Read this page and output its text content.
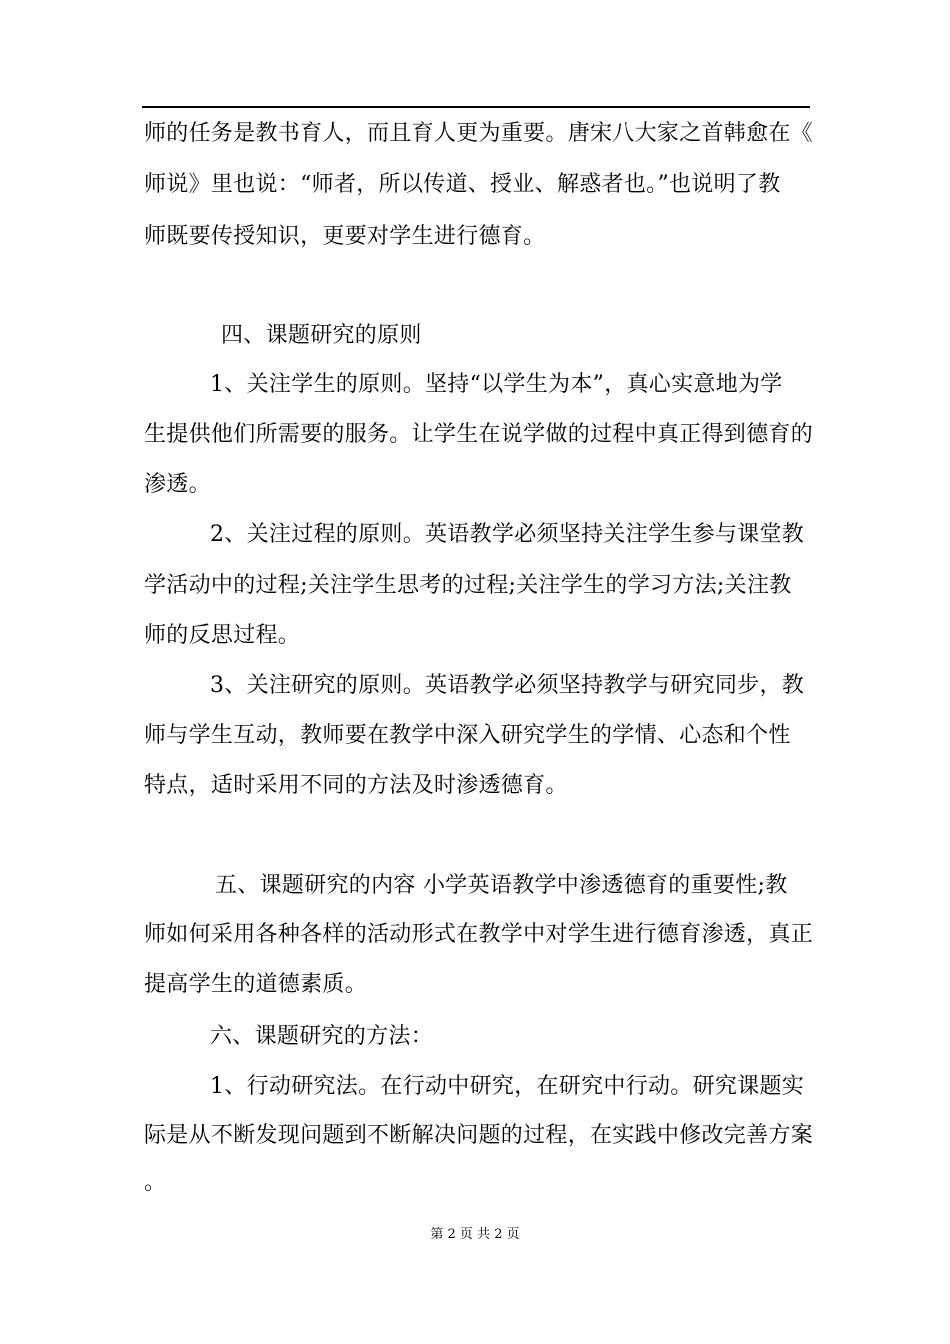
师的任务是教书育人，而且育人更为重要。唐宋八大家之首韩愈在《
师说》里也说：“师者，所以传道、授业、解惑者也。”也说明了教
师既要传授知识，更要对学生进行德育。
四、课题研究的原则
1、关注学生的原则。坚持“以学生为本”，真心实意地为学
生提供他们所需要的服务。让学生在说学做的过程中真正得到德育的
渗透。
2、关注过程的原则。英语教学必须坚持关注学生参与课堂教
学活动中的过程;关注学生思考的过程;关注学生的学习方法;关注教
师的反思过程。
3、关注研究的原则。英语教学必须坚持教学与研究同步，教
师与学生互动，教师要在教学中深入研究学生的学情、心态和个性
特点，适时采用不同的方法及时渗透德育。
五、课题研究的内容 小学英语教学中渗透德育的重要性;教
师如何采用各种各样的活动形式在教学中对学生进行德育渗透，真正
提高学生的道德素质。
六、课题研究的方法：
1、行动研究法。在行动中研究，在研究中行动。研究课题实
际是从不断发现问题到不断解决问题的过程，在实践中修改完善方案
。
第 2 页 共 2 页
